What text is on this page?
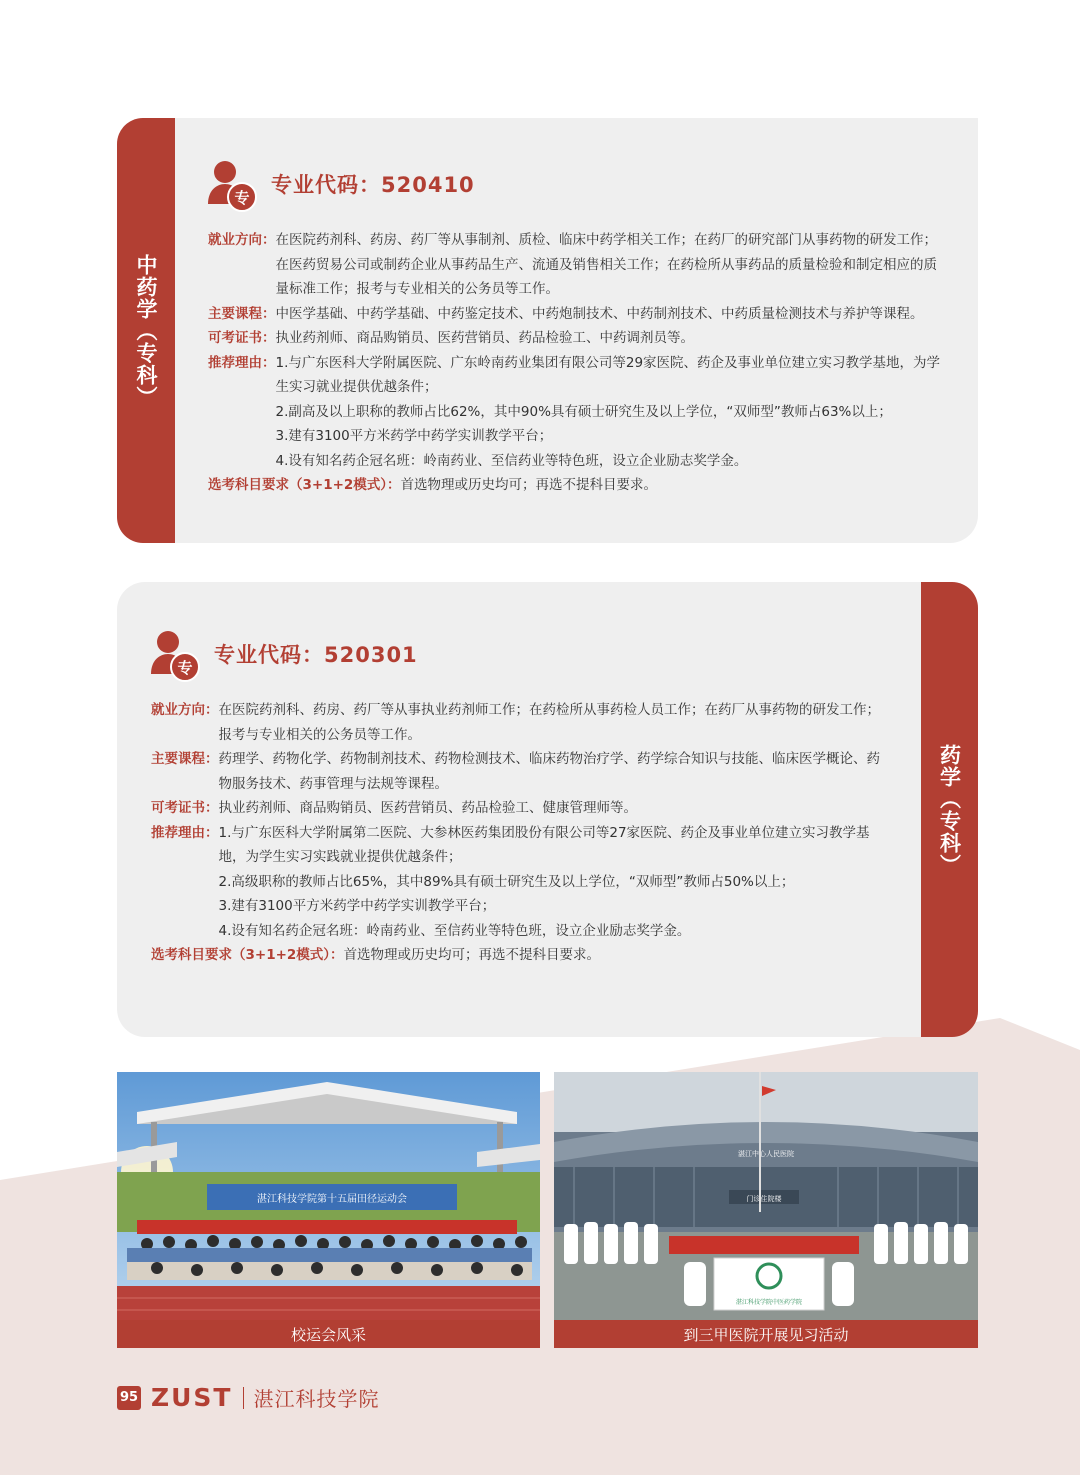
中药学（专科）
专
专业代码：520410
就业方向： 在医院药剂科、药房、药厂等从事制剂、质检、临床中药学相关工作；在药厂的研究部门从事药物的研发工作；在医药贸易公司或制药企业从事药品生产、流通及销售相关工作；在药检所从事药品的质量检验和制定相应的质量标准工作；报考与专业相关的公务员等工作。
主要课程： 中医学基础、中药学基础、中药鉴定技术、中药炮制技术、中药制剂技术、中药质量检测技术与养护等课程。
可考证书： 执业药剂师、商品购销员、医药营销员、药品检验工、中药调剂员等。
推荐理由： 1.与广东医科大学附属医院、广东岭南药业集团有限公司等29家医院、药企及事业单位建立实习教学基地，为学生实习就业提供优越条件；

2.副高及以上职称的教师占比62%，其中90%具有硕士研究生及以上学位，“双师型”教师占63%以上；

3.建有3100平方米药学中药学实训教学平台；

4.设有知名药企冠名班：岭南药业、至信药业等特色班，设立企业励志奖学金。

选考科目要求（3+1+2模式）： 首选物理或历史均可；再选不提科目要求。
药学（专科）
专
专业代码：520301
就业方向： 在医院药剂科、药房、药厂等从事执业药剂师工作；在药检所从事药检人员工作；在药厂从事药物的研发工作；报考与专业相关的公务员等工作。
主要课程： 药理学、药物化学、药物制剂技术、药物检测技术、临床药物治疗学、药学综合知识与技能、临床医学概论、药物服务技术、药事管理与法规等课程。
可考证书： 执业药剂师、商品购销员、医药营销员、药品检验工、健康管理师等。
推荐理由： 1.与广东医科大学附属第二医院、大参林医药集团股份有限公司等27家医院、药企及事业单位建立实习教学基地，为学生实习实践就业提供优越条件；

2.高级职称的教师占比65%，其中89%具有硕士研究生及以上学位，“双师型”教师占50%以上；

3.建有3100平方米药学中药学实训教学平台；

4.设有知名药企冠名班：岭南药业、至信药业等特色班，设立企业励志奖学金。

选考科目要求（3+1+2模式）： 首选物理或历史均可；再选不提科目要求。
湛江科技学院第十五届田径运动会
校运会风采
湛江中心人民医院
门诊住院楼
湛江科技学院中医药学院
到三甲医院开展见习活动
95 ZUST 湛江科技学院
